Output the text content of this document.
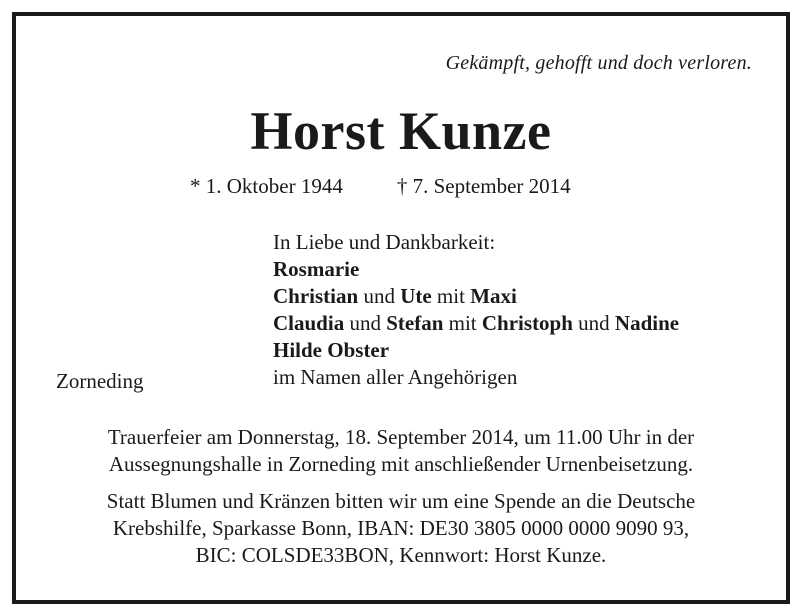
Gekämpft, gehofft und doch verloren.
Horst Kunze
* 1. Oktober 1944	† 7. September 2014
In Liebe und Dankbarkeit:
Rosmarie
Christian und Ute mit Maxi
Claudia und Stefan mit Christoph und Nadine
Hilde Obster
im Namen aller Angehörigen
Zorneding
Trauerfeier am Donnerstag, 18. September 2014, um 11.00 Uhr in der
Aussegnungshalle in Zorneding mit anschließender Urnenbeisetzung.
Statt Blumen und Kränzen bitten wir um eine Spende an die Deutsche
Krebshilfe, Sparkasse Bonn, IBAN: DE30 3805 0000 0000 9090 93,
BIC: COLSDE33BON, Kennwort: Horst Kunze.
